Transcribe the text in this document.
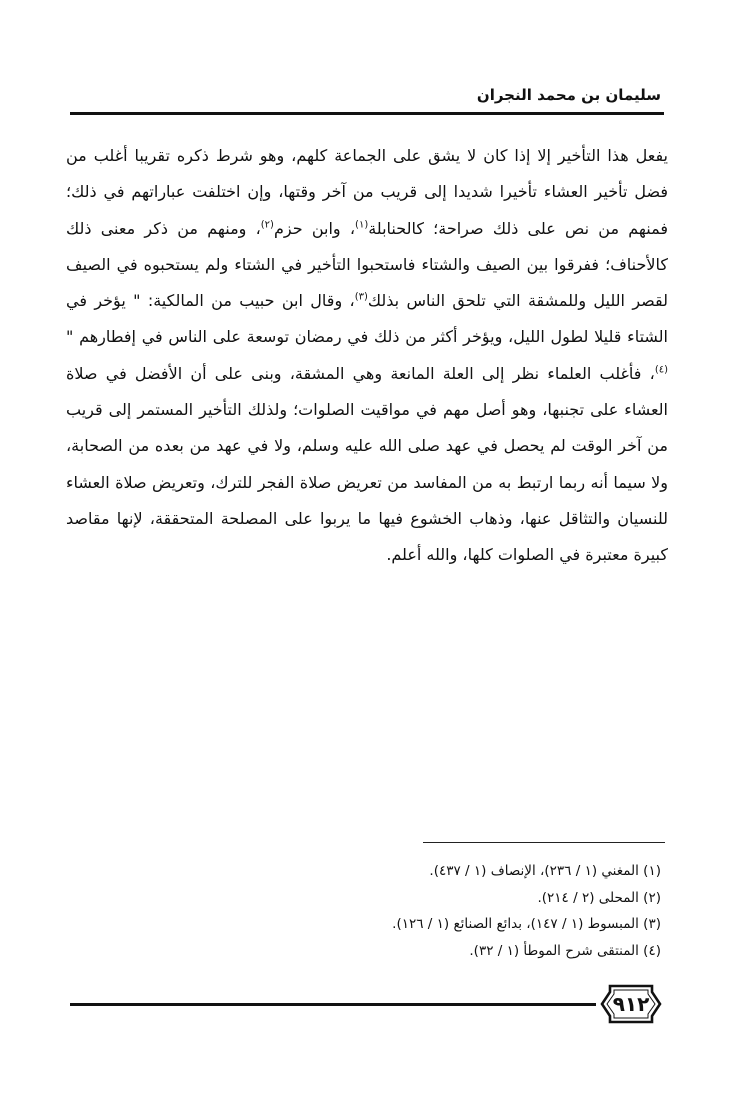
سليمان بن محمد النجران

يفعل هذا التأخير إلا إذا كان لا يشق على الجماعة كلهم، وهو شرط ذكره تقريبا أغلب من فضل تأخير العشاء تأخيرا شديدا إلى قريب من آخر وقتها، وإن اختلفت عباراتهم في ذلك؛ فمنهم من نص على ذلك صراحة؛ كالحنابلة$^{(١)}$، وابن حزم$^{(٢)}$، ومنهم من ذكر معنى ذلك كالأحناف؛ ففرقوا بين الصيف والشتاء فاستحبوا التأخير في الشتاء ولم يستحبوه في الصيف لقصر الليل وللمشقة التي تلحق الناس بذلك$^{(٣)}$، وقال ابن حبيب من المالكية: " يؤخر في الشتاء قليلا لطول الليل، ويؤخر أكثر من ذلك في رمضان توسعة على الناس في إفطارهم "$^{(٤)}$، فأغلب العلماء نظر إلى العلة المانعة وهي المشقة، وبنى على أن الأفضل في صلاة العشاء على تجنبها، وهو أصل مهم في مواقيت الصلوات؛ ولذلك التأخير المستمر إلى قريب من آخر الوقت لم يحصل في عهد صلى الله عليه وسلم، ولا في عهد من بعده من الصحابة، ولا سيما أنه ربما ارتبط به من المفاسد من تعريض صلاة الفجر للترك، وتعريض صلاة العشاء للنسيان والتثاقل عنها، وذهاب الخشوع فيها ما يربوا على المصلحة المتحققة، لإنها مقاصد كبيرة معتبرة في الصلوات كلها، والله أعلم.

(١) المغني (١ / ٢٣٦)، الإنصاف (١ / ٤٣٧).

(٢) المحلى (٢ / ٢١٤).

(٣) المبسوط (١ / ١٤٧)، بدائع الصنائع (١ / ١٢٦).

(٤) المنتقى شرح الموطأ (١ / ٣٢).

٩١٢
